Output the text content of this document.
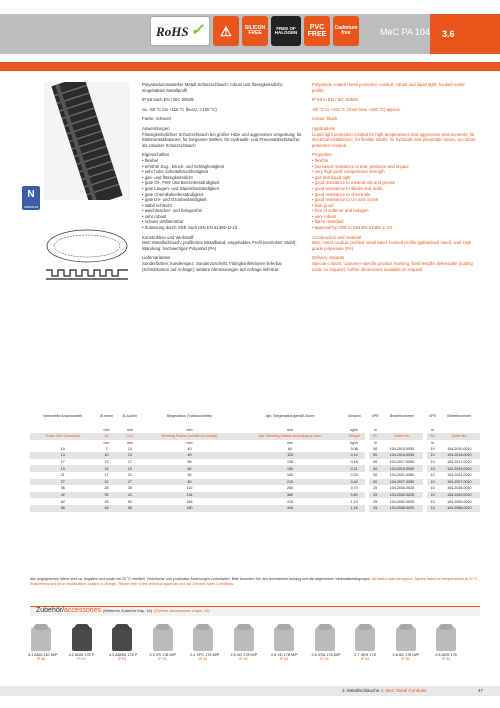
RoHS ✓	⚠	SILICON FREE
FREE OF HALOGEN
PVC FREE
Cadmium free	MeC PA 104	3.6
N
PREMIUM
Polyamidummantelter Metall-Schutzschlauch; robust und flüssigkeitsdicht; eingehaktes Metallprofil
IP 68 nach EN / IEC 60529
ca. -50 °C bis +110 °C (kurzz. +150 °C)
Farbe: schwarz
Anwendungen
Flüssigkeitsdichter Schutzschlauch bei großer Hitze und aggressiver Umgebung; für Elektroinstallationen; für biegsame Wellen; für Hydraulik- und Pneumatikschläuche; als robuster Schutzschlauch
Eigenschaften
• flexibel
• erhöhte Zug-, Druck- und Schlagfestigkeit
• sehr hohe Scheitelbruchfestigkeit
• gas- und flüssigkeitsdicht
• gute Öl-, Fett- und Benzinbeständigkeit
• gute Laugen- und Säurenbeständigkeit
• gute Chemikalienbeständigkeit
• gute UV- und Ozonbeständigkeit
• stabil schlecht
• weichmacher- und halogenfrei
• sehr robust
• schwer entflammbar
• Zulassung durch VDE nach DIN EN 61386-1/-23
Konstruktion und Werkstoff
MeC Metallschlauch; profiliertes Metallband; eingehaktes Profil (verzinkter Stahl); Wandung: hochwertiges Polyamid (PA)
Liefervarianten
Sonderfarben; kundenspez. Sonderzuschnitt; Fittingkonfektionen lieferbar (Schnittkosten auf Anfrage); weitere Abmessungen auf Anfrage lieferbar
Polyamide coated metal protection conduit; robust and liquid tight; hooked metal profile
IP 68 to EN / IEC 60529
-50 °C to +110 °C (short time +150 °C) approx.
Colour: black
Applications
Liquid tight protection conduit for high temperatures and aggressive environments; for electrical installations; for flexible shafts; for hydraulic and pneumatic hoses, as robust protection conduit
Properties
• flexible
• increased resistance to tear, pressure and impact
• very high peak compressive strength
• gas and liquid tight
• good resistance to mineral oils and grease
• good resistance to alkalis and acids
• good resistance to chemicals
• good resistance to UV and ozone
• kink-proof
• free of softener and halogen
• very robust
• flame retardant
• approval by VDE to DIN EN 61386-1/-23
Construction and material
MeC metal conduit; profiled metal band; hooked profile (galvanised steel); wall: high grade polyamide (PA)
Delivery Variants
Special colours; customer-specific product marking; fixed lengths deliverable (cutting costs on request); further dimensions available on request
Nennweite Anschlussteil	Ø-Innen	Ø-Außen	Biegeradius (Schlauchmitte)	dyn. Biegeradius gemäß Norm	Gewicht		VPE	Bestellnummer		VPE	Bestellnummer
	mm	mm	mm	mm	kg/m		m			m	
Trade Size Connector	I.D.	O.D.	Bending Radius (middle of conduit)	dyn. Bending Radius according to norm	Weight		PU	Order No.		PU	Order No.
	mm	mm	mm	mm	kg/m		m			m	
10	7	10	40	60	0,08		50	104-2010-0050		10	104-2010-0010
14	10	14	45	115	0,14		50	104-2014-0050		10	104-2014-0010
17	13	17	55	135	0,18		50	104-2017-0050		10	104-2017-0010
19	15	19	60	150	0,21		50	104-2019-0050		10	104-2019-0010
21	17	21	65	165	0,24		50	104-2021-0050		10	104-2021-0010
27	22	27	80	215	0,40		50	104-2027-0050		10	104-2027-0010
36	28	36	110	280	0,70		25	104-2036-0025		10	104-2036-0010
42	35	42	134	380	0,80		25	104-2042-0025		10	104-2042-0010
52	45	52	165	415	1,13		25	104-2052-0025		10	104-2052-0010
58	48	58	180	440	1,18		25	104-2058-0025		10	104-2058-0010
Alle angegebenen Werte sind ca. Angaben und sowie bei 20 °C ermittelt. Technische und produktive Änderungen vorbehalten. Bitte beachten Sie den technischen Anhang und die allgemeinen Verkaufsbedingungen. All stated data are approx. figures based on temperatures at 20 °C. Engineering and price modifications subject to change. Please refer to the technical appendix and our General Sales Conditions.
Zubehör/accessories (Weiteres Zubehör Kap. 10) (Further accessories chapt. 10)
4.1 ADM 110 M/P
IP 68
4.2 ADM 178 P
IP 40
4.3 ADMU 178 P
IP 54
2.3 XS 178 M/P
IP 40
2.4 XPC 178 M/P
IP 54
2.5 XD 178 M/P
IP 40
2.6 XD 178 M/P
IP 54
2.6 XSA 178 M/P
IP 54
2.7 XEH 178
IP 54
2.8 AD 178 M/P
IP 54
2.8 ADH 178
IP 54
3. Metallschläuche 3. MeC Metal Conduits	47
